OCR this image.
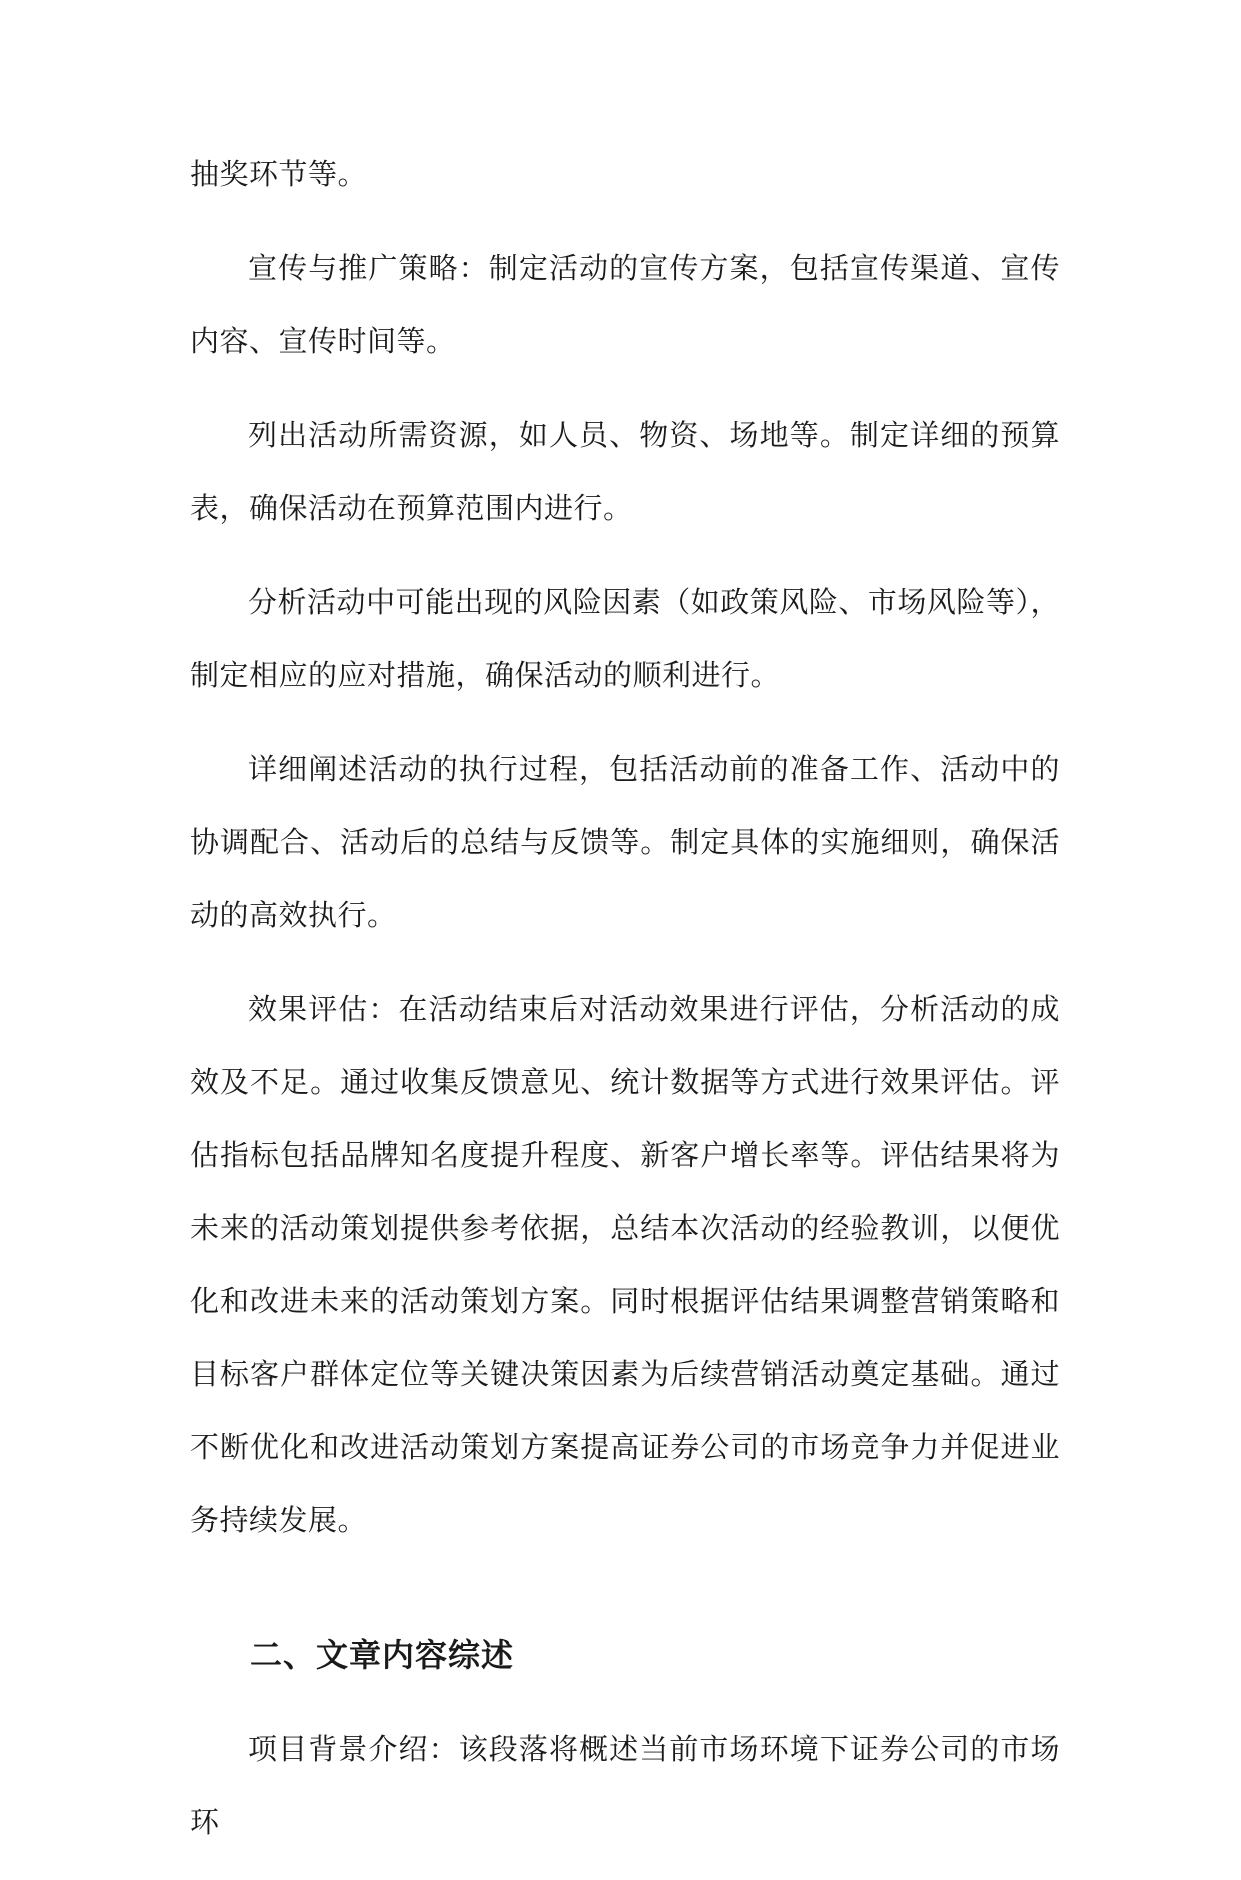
抽奖环节等。

宣传与推广策略：制定活动的宣传方案，包括宣传渠道、宣传内容、宣传时间等。

列出活动所需资源，如人员、物资、场地等。制定详细的预算表，确保活动在预算范围内进行。

分析活动中可能出现的风险因素（如政策风险、市场风险等），制定相应的应对措施，确保活动的顺利进行。

详细阐述活动的执行过程，包括活动前的准备工作、活动中的协调配合、活动后的总结与反馈等。制定具体的实施细则，确保活动的高效执行。

效果评估：在活动结束后对活动效果进行评估，分析活动的成效及不足。通过收集反馈意见、统计数据等方式进行效果评估。评估指标包括品牌知名度提升程度、新客户增长率等。评估结果将为未来的活动策划提供参考依据，总结本次活动的经验教训，以便优化和改进未来的活动策划方案。同时根据评估结果调整营销策略和目标客户群体定位等关键决策因素为后续营销活动奠定基础。通过不断优化和改进活动策划方案提高证券公司的市场竞争力并促进业务持续发展。

二、文章内容综述

项目背景介绍：该段落将概述当前市场环境下证券公司的市场环
